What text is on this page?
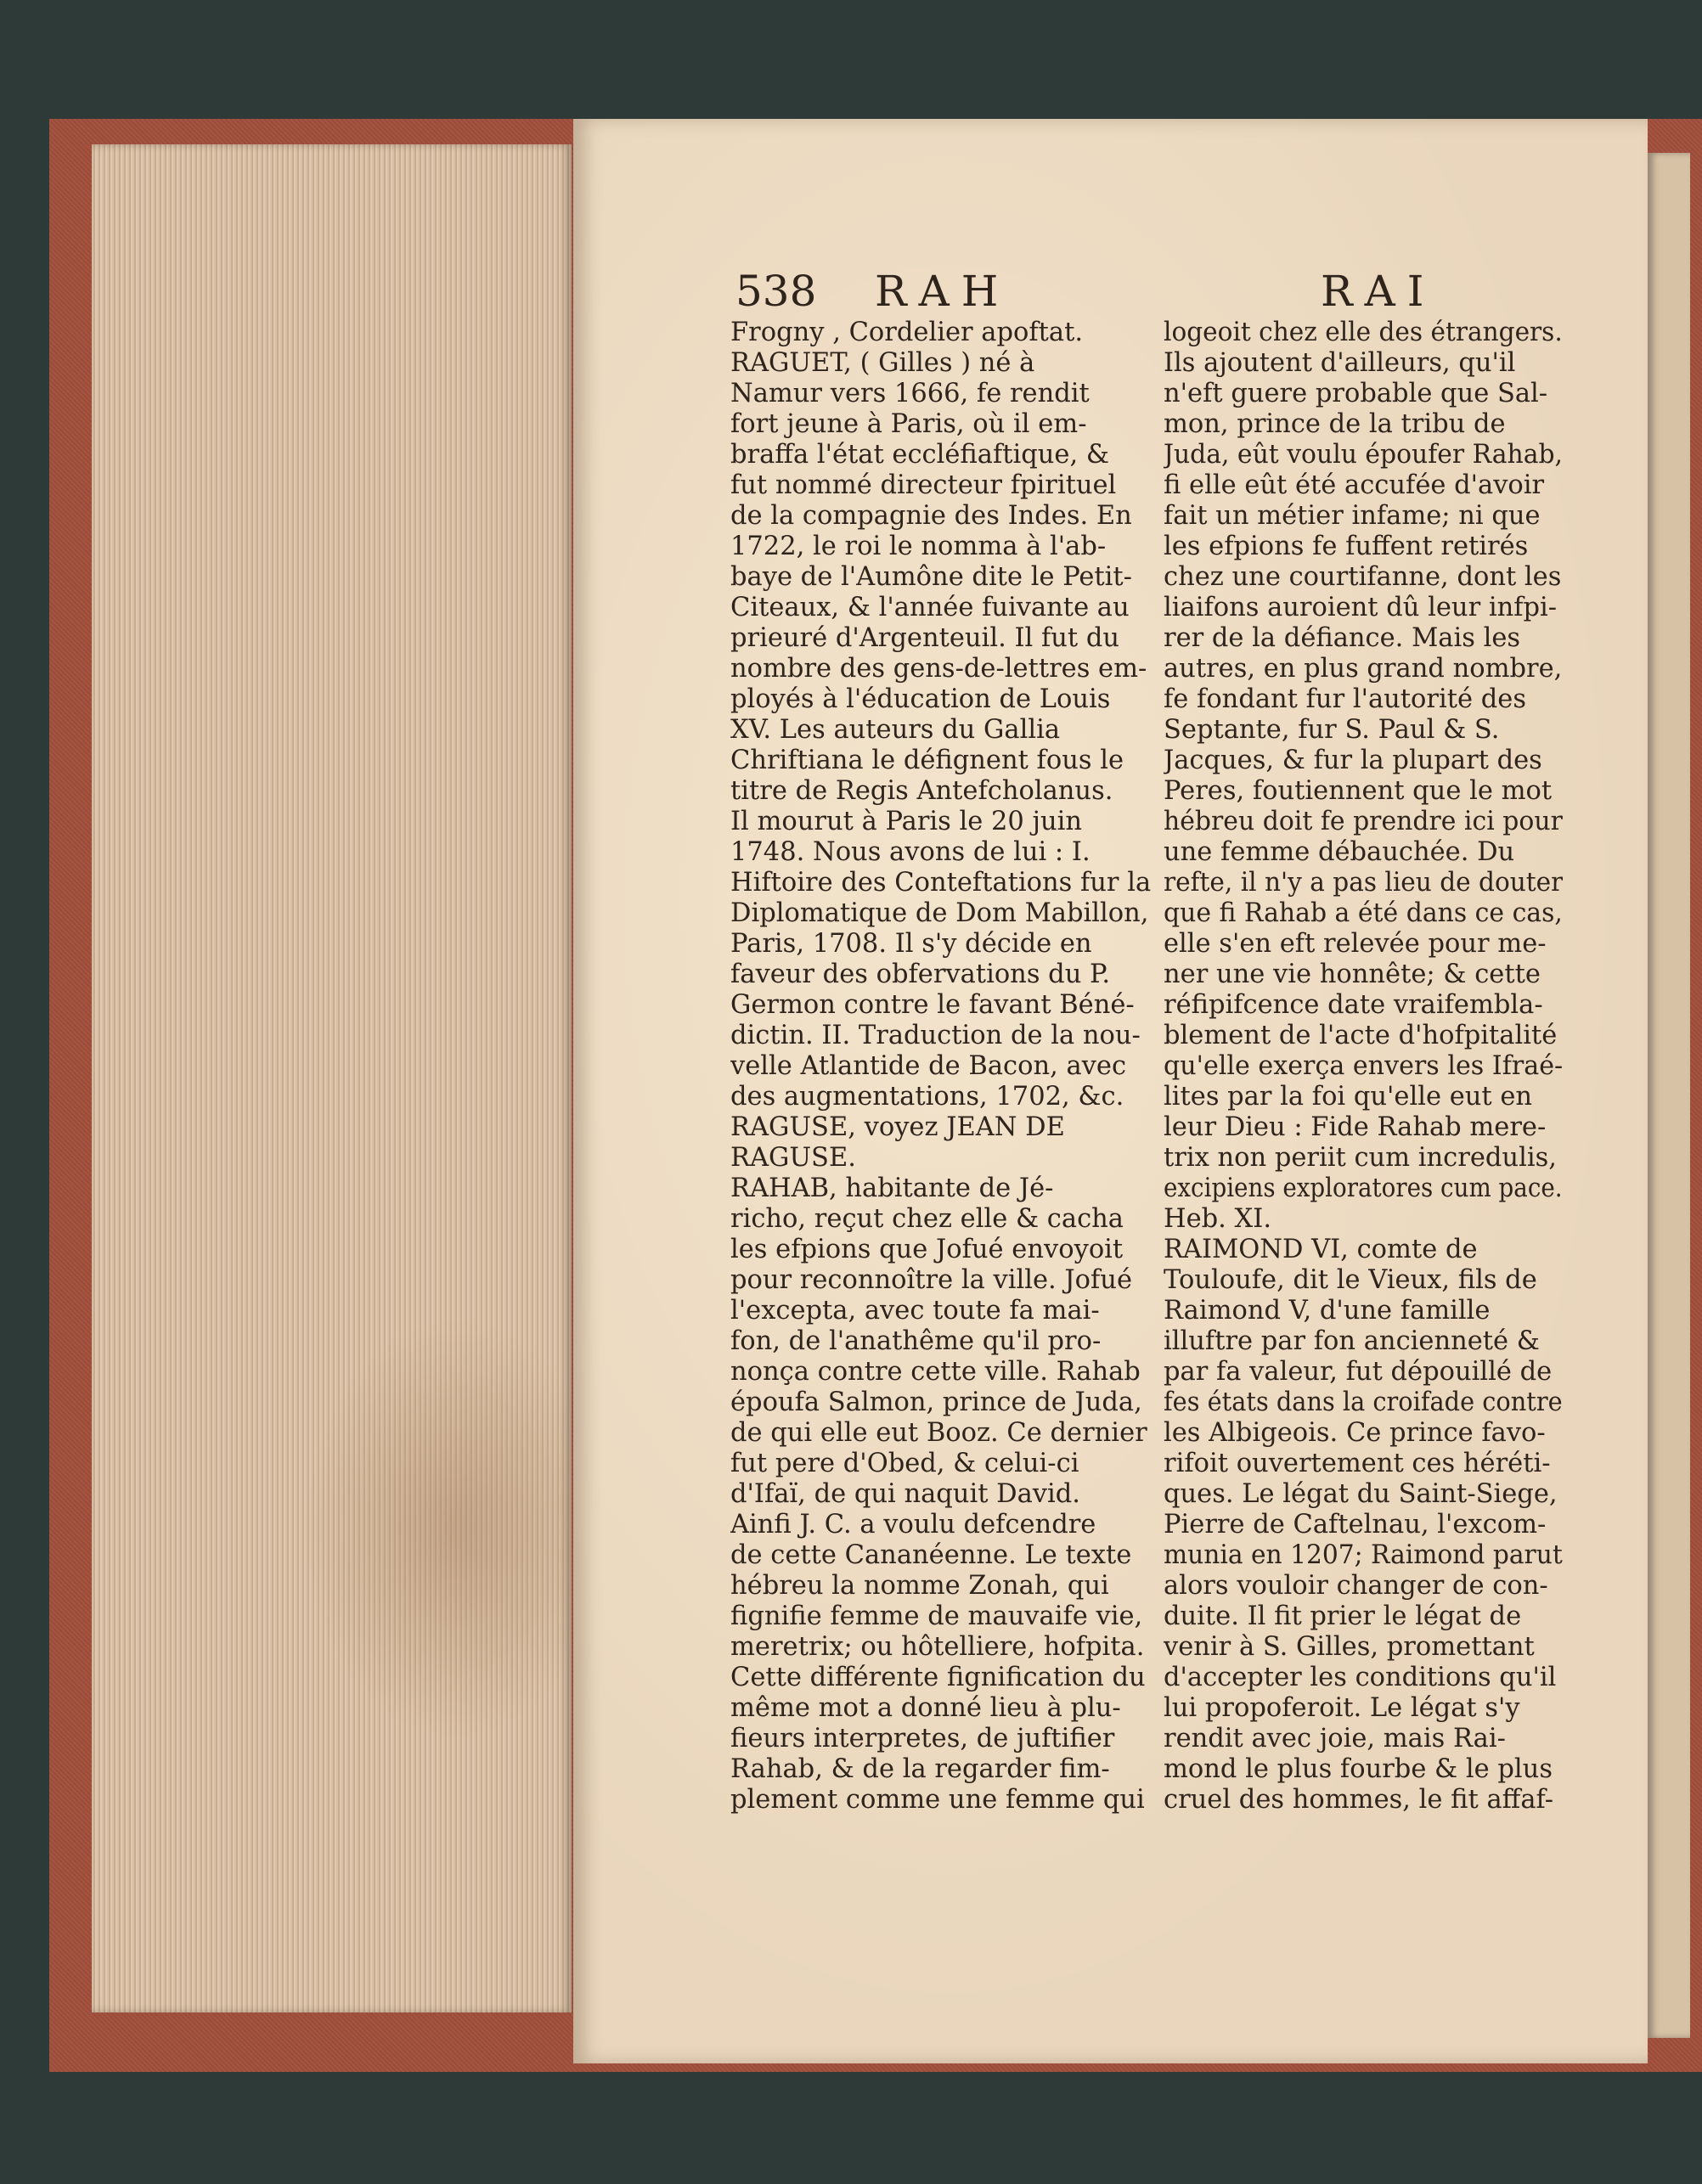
538 RAH	RAI
Frogny , Cordelier apoftat.
RAGUET, ( Gilles ) né à
Namur vers 1666, fe rendit
fort jeune à Paris, où il em-
braffa l'état eccléfiaftique, &
fut nommé directeur fpirituel
de la compagnie des Indes. En
1722, le roi le nomma à l'ab-
baye de l'Aumône dite le Petit-
Citeaux, & l'année fuivante au
prieuré d'Argenteuil. Il fut du
nombre des gens-de-lettres em-
ployés à l'éducation de Louis
XV. Les auteurs du Gallia
Chriftiana le défignent fous le
titre de Regis Antefcholanus.
Il mourut à Paris le 20 juin
1748. Nous avons de lui : I.
Hiftoire des Conteftations fur la
Diplomatique de Dom Mabillon,
Paris, 1708. Il s'y décide en
faveur des obfervations du P.
Germon contre le favant Béné-
dictin. II. Traduction de la nou-
velle Atlantide de Bacon, avec
des augmentations, 1702, &c.
RAGUSE, voyez JEAN DE
RAGUSE.
RAHAB, habitante de Jé-
richo, reçut chez elle & cacha
les efpions que Jofué envoyoit
pour reconnoître la ville. Jofué
l'excepta, avec toute fa mai-
fon, de l'anathême qu'il pro-
nonça contre cette ville. Rahab
époufa Salmon, prince de Juda,
de qui elle eut Booz. Ce dernier
fut pere d'Obed, & celui-ci
d'Ifaï, de qui naquit David.
Ainfi J. C. a voulu defcendre
de cette Cananéenne. Le texte
hébreu la nomme Zonah, qui
fignifie femme de mauvaife vie,
meretrix; ou hôtelliere, hofpita.
Cette différente fignification du
même mot a donné lieu à plu-
fieurs interpretes, de juftifier
Rahab, & de la regarder fim-
plement comme une femme qui
logeoit chez elle des étrangers.
Ils ajoutent d'ailleurs, qu'il
n'eft guere probable que Sal-
mon, prince de la tribu de
Juda, eût voulu époufer Rahab,
fi elle eût été accufée d'avoir
fait un métier infame; ni que
les efpions fe fuffent retirés
chez une courtifanne, dont les
liaifons auroient dû leur infpi-
rer de la défiance. Mais les
autres, en plus grand nombre,
fe fondant fur l'autorité des
Septante, fur S. Paul & S.
Jacques, & fur la plupart des
Peres, foutiennent que le mot
hébreu doit fe prendre ici pour
une femme débauchée. Du
refte, il n'y a pas lieu de douter
que fi Rahab a été dans ce cas,
elle s'en eft relevée pour me-
ner une vie honnête; & cette
réfipifcence date vraifembla-
blement de l'acte d'hofpitalité
qu'elle exerça envers les Ifraé-
lites par la foi qu'elle eut en
leur Dieu : Fide Rahab mere-
trix non periit cum incredulis,
excipiens exploratores cum pace.
Heb. XI.
RAIMOND VI, comte de
Touloufe, dit le Vieux, fils de
Raimond V, d'une famille
illuftre par fon ancienneté &
par fa valeur, fut dépouillé de
fes états dans la croifade contre
les Albigeois. Ce prince favo-
rifoit ouvertement ces héréti-
ques. Le légat du Saint-Siege,
Pierre de Caftelnau, l'excom-
munia en 1207; Raimond parut
alors vouloir changer de con-
duite. Il fit prier le légat de
venir à S. Gilles, promettant
d'accepter les conditions qu'il
lui propoferoit. Le légat s'y
rendit avec joie, mais Rai-
mond le plus fourbe & le plus
cruel des hommes, le fit affaf-
